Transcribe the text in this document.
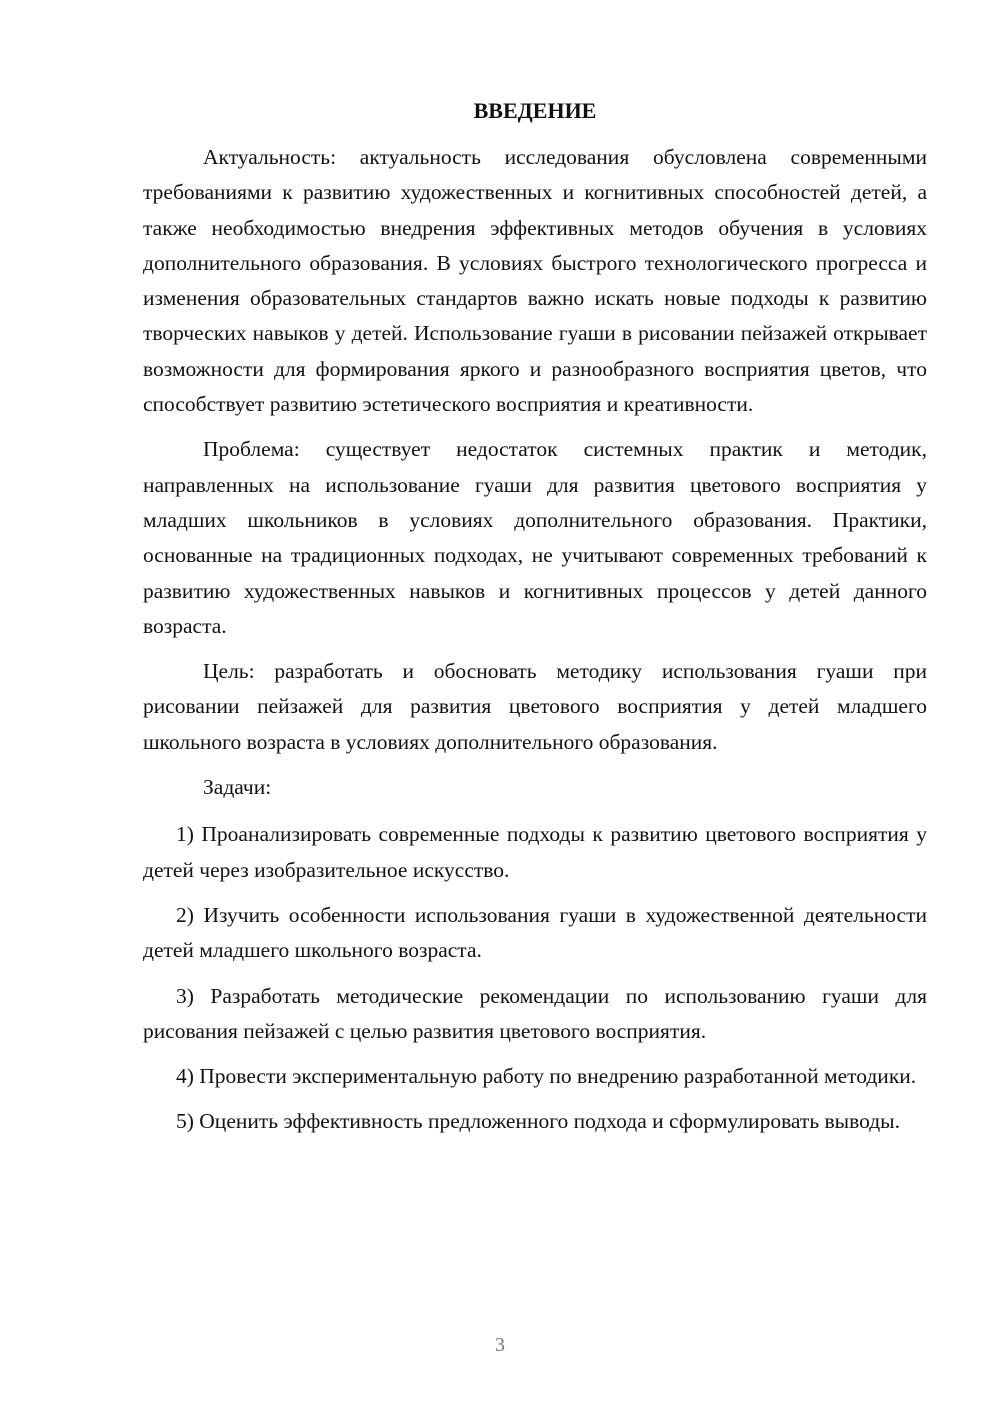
ВВЕДЕНИЕ

Актуальность: актуальность исследования обусловлена современными требованиями к развитию художественных и когнитивных способностей детей, а также необходимостью внедрения эффективных методов обучения в условиях дополнительного образования. В условиях быстрого технологического прогресса и изменения образовательных стандартов важно искать новые подходы к развитию творческих навыков у детей. Использование гуаши в рисовании пейзажей открывает возможности для формирования яркого и разнообразного восприятия цветов, что способствует развитию эстетического восприятия и креативности.

Проблема: существует недостаток системных практик и методик, направленных на использование гуаши для развития цветового восприятия у младших школьников в условиях дополнительного образования. Практики, основанные на традиционных подходах, не учитывают современных требований к развитию художественных навыков и когнитивных процессов у детей данного возраста.

Цель: разработать и обосновать методику использования гуаши при рисовании пейзажей для развития цветового восприятия у детей младшего школьного возраста в условиях дополнительного образования.

Задачи:

1) Проанализировать современные подходы к развитию цветового восприятия у детей через изобразительное искусство.

2) Изучить особенности использования гуаши в художественной деятельности детей младшего школьного возраста.

3) Разработать методические рекомендации по использованию гуаши для рисования пейзажей с целью развития цветового восприятия.

4) Провести экспериментальную работу по внедрению разработанной методики.

5) Оценить эффективность предложенного подхода и сформулировать выводы.

3
